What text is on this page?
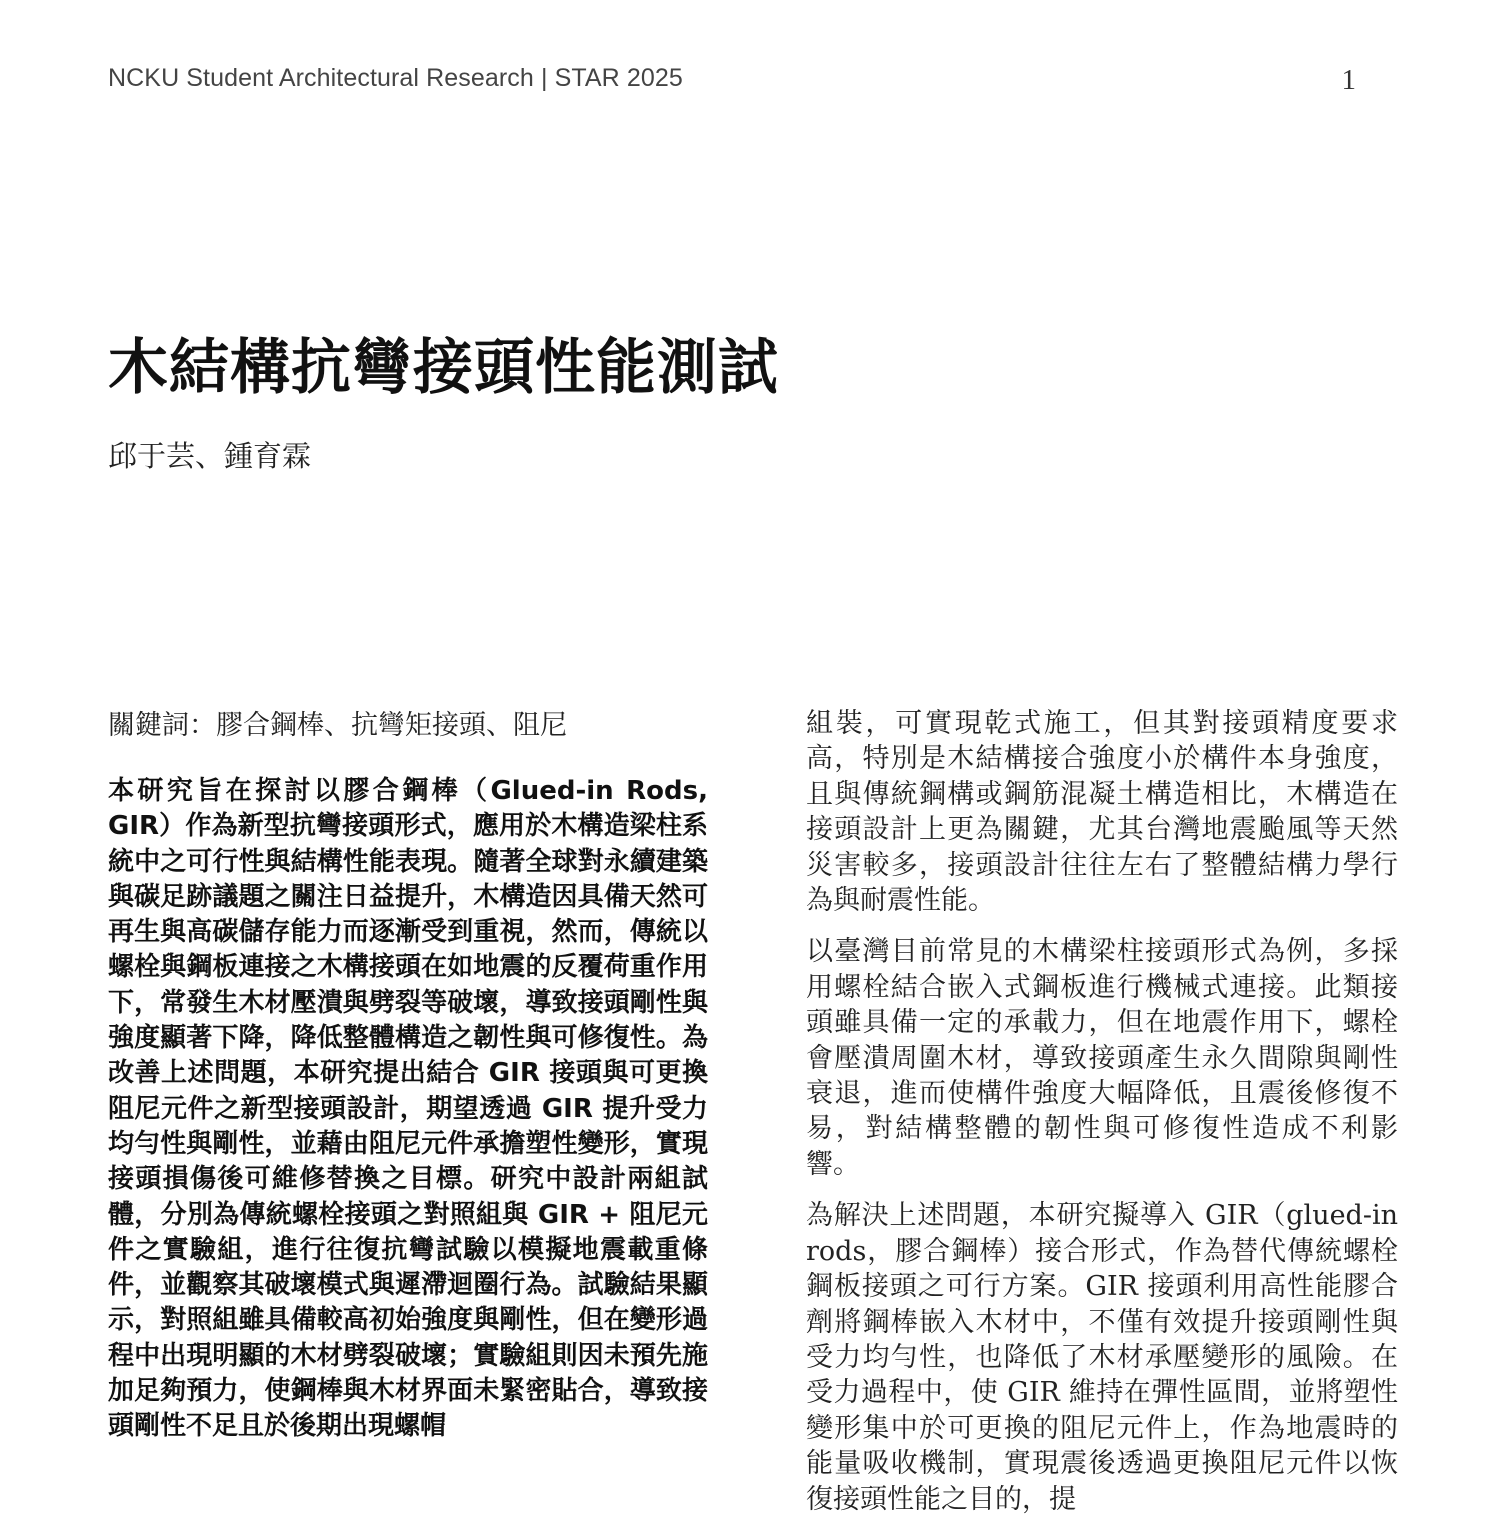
NCKU Student Architectural Research | STAR 2025	1
木結構抗彎接頭性能測試
邱于芸、鍾育霖

關鍵詞：膠合鋼棒、抗彎矩接頭、阻尼

本研究旨在探討以膠合鋼棒（Glued-in Rods, GIR）作為新型抗彎接頭形式，應用於木構造梁柱系統中之可行性與結構性能表現。隨著全球對永續建築與碳足跡議題之關注日益提升，木構造因具備天然可再生與高碳儲存能力而逐漸受到重視，然而，傳統以螺栓與鋼板連接之木構接頭在如地震的反覆荷重作用下，常發生木材壓潰與劈裂等破壞，導致接頭剛性與強度顯著下降，降低整體構造之韌性與可修復性。為改善上述問題，本研究提出結合 GIR 接頭與可更換阻尼元件之新型接頭設計，期望透過 GIR 提升受力均勻性與剛性，並藉由阻尼元件承擔塑性變形，實現接頭損傷後可維修替換之目標。研究中設計兩組試體，分別為傳統螺栓接頭之對照組與 GIR + 阻尼元件之實驗組，進行往復抗彎試驗以模擬地震載重條件，並觀察其破壞模式與遲滯迴圈行為。試驗結果顯示，對照組雖具備較高初始強度與剛性，但在變形過程中出現明顯的木材劈裂破壞；實驗組則因未預先施加足夠預力，使鋼棒與木材界面未緊密貼合，導致接頭剛性不足且於後期出現螺帽

組裝，可實現乾式施工，但其對接頭精度要求高，特別是木結構接合強度小於構件本身強度，且與傳統鋼構或鋼筋混凝土構造相比，木構造在接頭設計上更為關鍵，尤其台灣地震颱風等天然災害較多，接頭設計往往左右了整體結構力學行為與耐震性能。

以臺灣目前常見的木構梁柱接頭形式為例，多採用螺栓結合嵌入式鋼板進行機械式連接。此類接頭雖具備一定的承載力，但在地震作用下，螺栓會壓潰周圍木材，導致接頭產生永久間隙與剛性衰退，進而使構件強度大幅降低，且震後修復不易，對結構整體的韌性與可修復性造成不利影響。

為解決上述問題，本研究擬導入 GIR（glued-in rods，膠合鋼棒）接合形式，作為替代傳統螺栓鋼板接頭之可行方案。GIR 接頭利用高性能膠合劑將鋼棒嵌入木材中，不僅有效提升接頭剛性與受力均勻性，也降低了木材承壓變形的風險。在受力過程中，使 GIR 維持在彈性區間，並將塑性變形集中於可更換的阻尼元件上，作為地震時的能量吸收機制，實現震後透過更換阻尼元件以恢復接頭性能之目的，提
